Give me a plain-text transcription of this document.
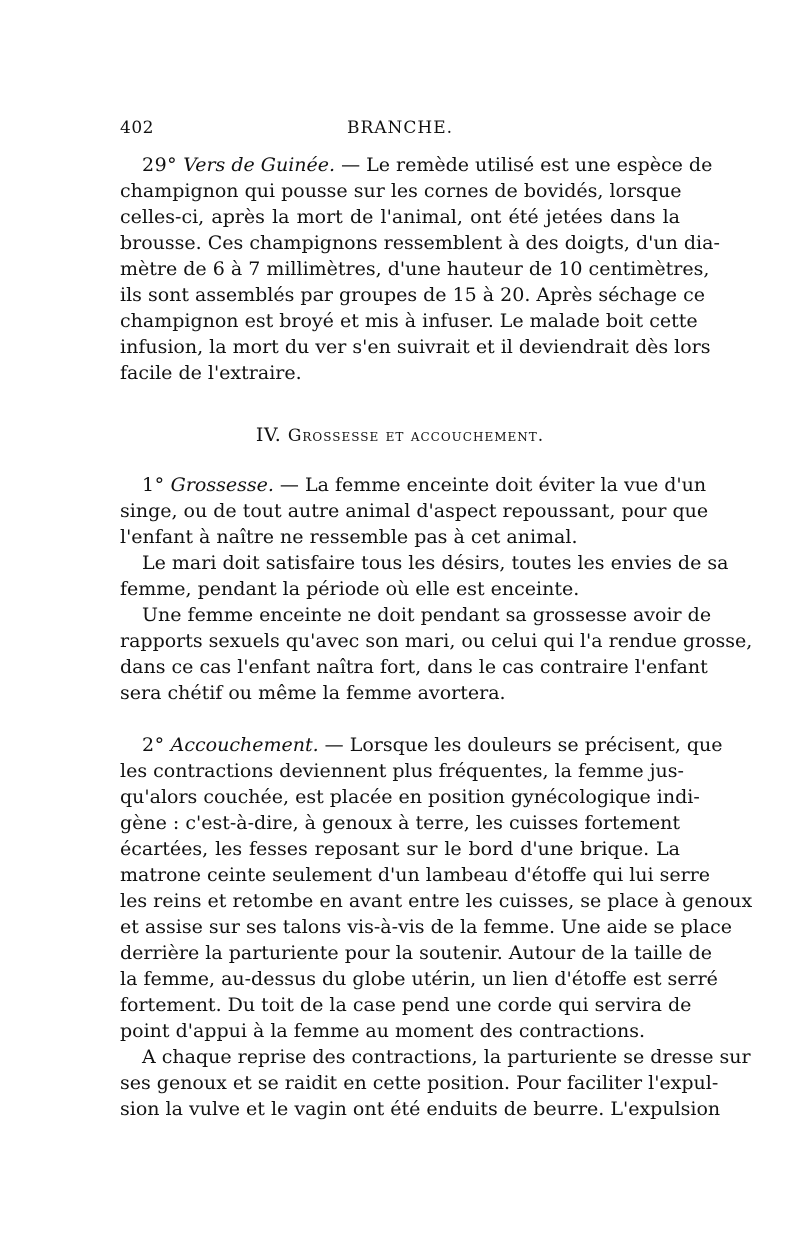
402	BRANCHE.
29° Vers de Guinée. — Le remède utilisé est une espèce de
champignon qui pousse sur les cornes de bovidés, lorsque
celles-ci, après la mort de l'animal, ont été jetées dans la
brousse. Ces champignons ressemblent à des doigts, d'un dia-
mètre de 6 à 7 millimètres, d'une hauteur de 10 centimètres,
ils sont assemblés par groupes de 15 à 20. Après séchage ce
champignon est broyé et mis à infuser. Le malade boit cette
infusion, la mort du ver s'en suivrait et il deviendrait dès lors
facile de l'extraire.
IV. Grossesse et accouchement.
1° Grossesse. — La femme enceinte doit éviter la vue d'un
singe, ou de tout autre animal d'aspect repoussant, pour que
l'enfant à naître ne ressemble pas à cet animal.
Le mari doit satisfaire tous les désirs, toutes les envies de sa
femme, pendant la période où elle est enceinte.
Une femme enceinte ne doit pendant sa grossesse avoir de
rapports sexuels qu'avec son mari, ou celui qui l'a rendue grosse,
dans ce cas l'enfant naîtra fort, dans le cas contraire l'enfant
sera chétif ou même la femme avortera.
2° Accouchement. — Lorsque les douleurs se précisent, que
les contractions deviennent plus fréquentes, la femme jus-
qu'alors couchée, est placée en position gynécologique indi-
gène : c'est-à-dire, à genoux à terre, les cuisses fortement
écartées, les fesses reposant sur le bord d'une brique. La
matrone ceinte seulement d'un lambeau d'étoffe qui lui serre
les reins et retombe en avant entre les cuisses, se place à genoux
et assise sur ses talons vis-à-vis de la femme. Une aide se place
derrière la parturiente pour la soutenir. Autour de la taille de
la femme, au-dessus du globe utérin, un lien d'étoffe est serré
fortement. Du toit de la case pend une corde qui servira de
point d'appui à la femme au moment des contractions.
A chaque reprise des contractions, la parturiente se dresse sur
ses genoux et se raidit en cette position. Pour faciliter l'expul-
sion la vulve et le vagin ont été enduits de beurre. L'expulsion
